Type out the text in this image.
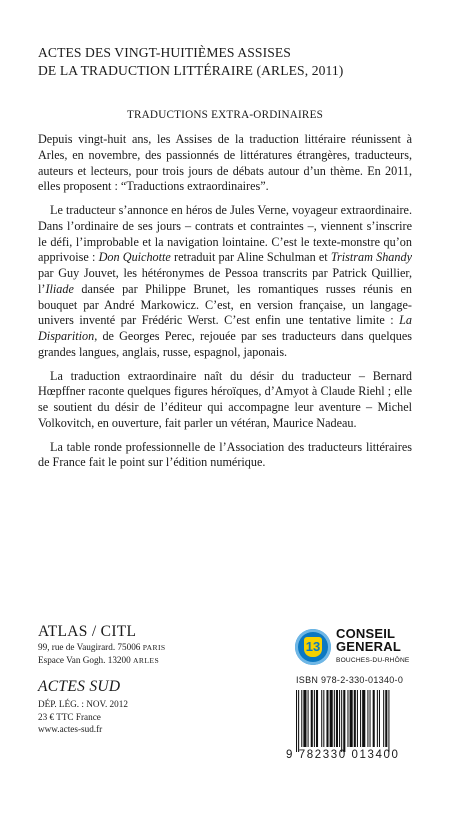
ACTES DES VINGT-HUITIÈMES ASSISES
DE LA TRADUCTION LITTÉRAIRE (ARLES, 2011)
TRADUCTIONS EXTRA-ORDINAIRES

Depuis vingt-huit ans, les Assises de la traduction littéraire réunissent à Arles, en novembre, des passionnés de littératures étrangères, traducteurs, auteurs et lecteurs, pour trois jours de débats autour d’un thème. En 2011, elles proposent : “Traductions extraordinaires”.

Le traducteur s’annonce en héros de Jules Verne, voyageur extraordinaire. Dans l’ordinaire de ses jours – contrats et contraintes –, viennent s’inscrire le défi, l’improbable et la navigation lointaine. C’est le texte-monstre qu’on apprivoise : Don Quichotte retraduit par Aline Schulman et Tristram Shandy par Guy Jouvet, les hétéronymes de Pessoa transcrits par Patrick Quillier, l’Iliade dansée par Philippe Brunet, les romantiques russes réunis en bouquet par André Markowicz. C’est, en version française, un langage-univers inventé par Frédéric Werst. C’est enfin une tentative limite : La Disparition, de Georges Perec, rejouée par ses traducteurs dans quelques grandes langues, anglais, russe, espagnol, japonais.

La traduction extraordinaire naît du désir du traducteur – Bernard Hœpffner raconte quelques figures héroïques, d’Amyot à Claude Riehl ; elle se soutient du désir de l’éditeur qui accompagne leur aventure – Michel Volkovitch, en ouverture, fait parler un vétéran, Maurice Nadeau.

La table ronde professionnelle de l’Association des traducteurs littéraires de France fait le point sur l’édition numérique.

ATLAS / CITL

99, rue de Vaugirard. 75006 PARIS

Espace Van Gogh. 13200 ARLES

ACTES SUD

DÉP. LÉG. : NOV. 2012

23 € TTC France

www.actes-sud.fr

13
CONSEIL
GENERAL
BOUCHES-DU-RHÔNE
ISBN 978-2-330-01340-0
9 782330 013400
